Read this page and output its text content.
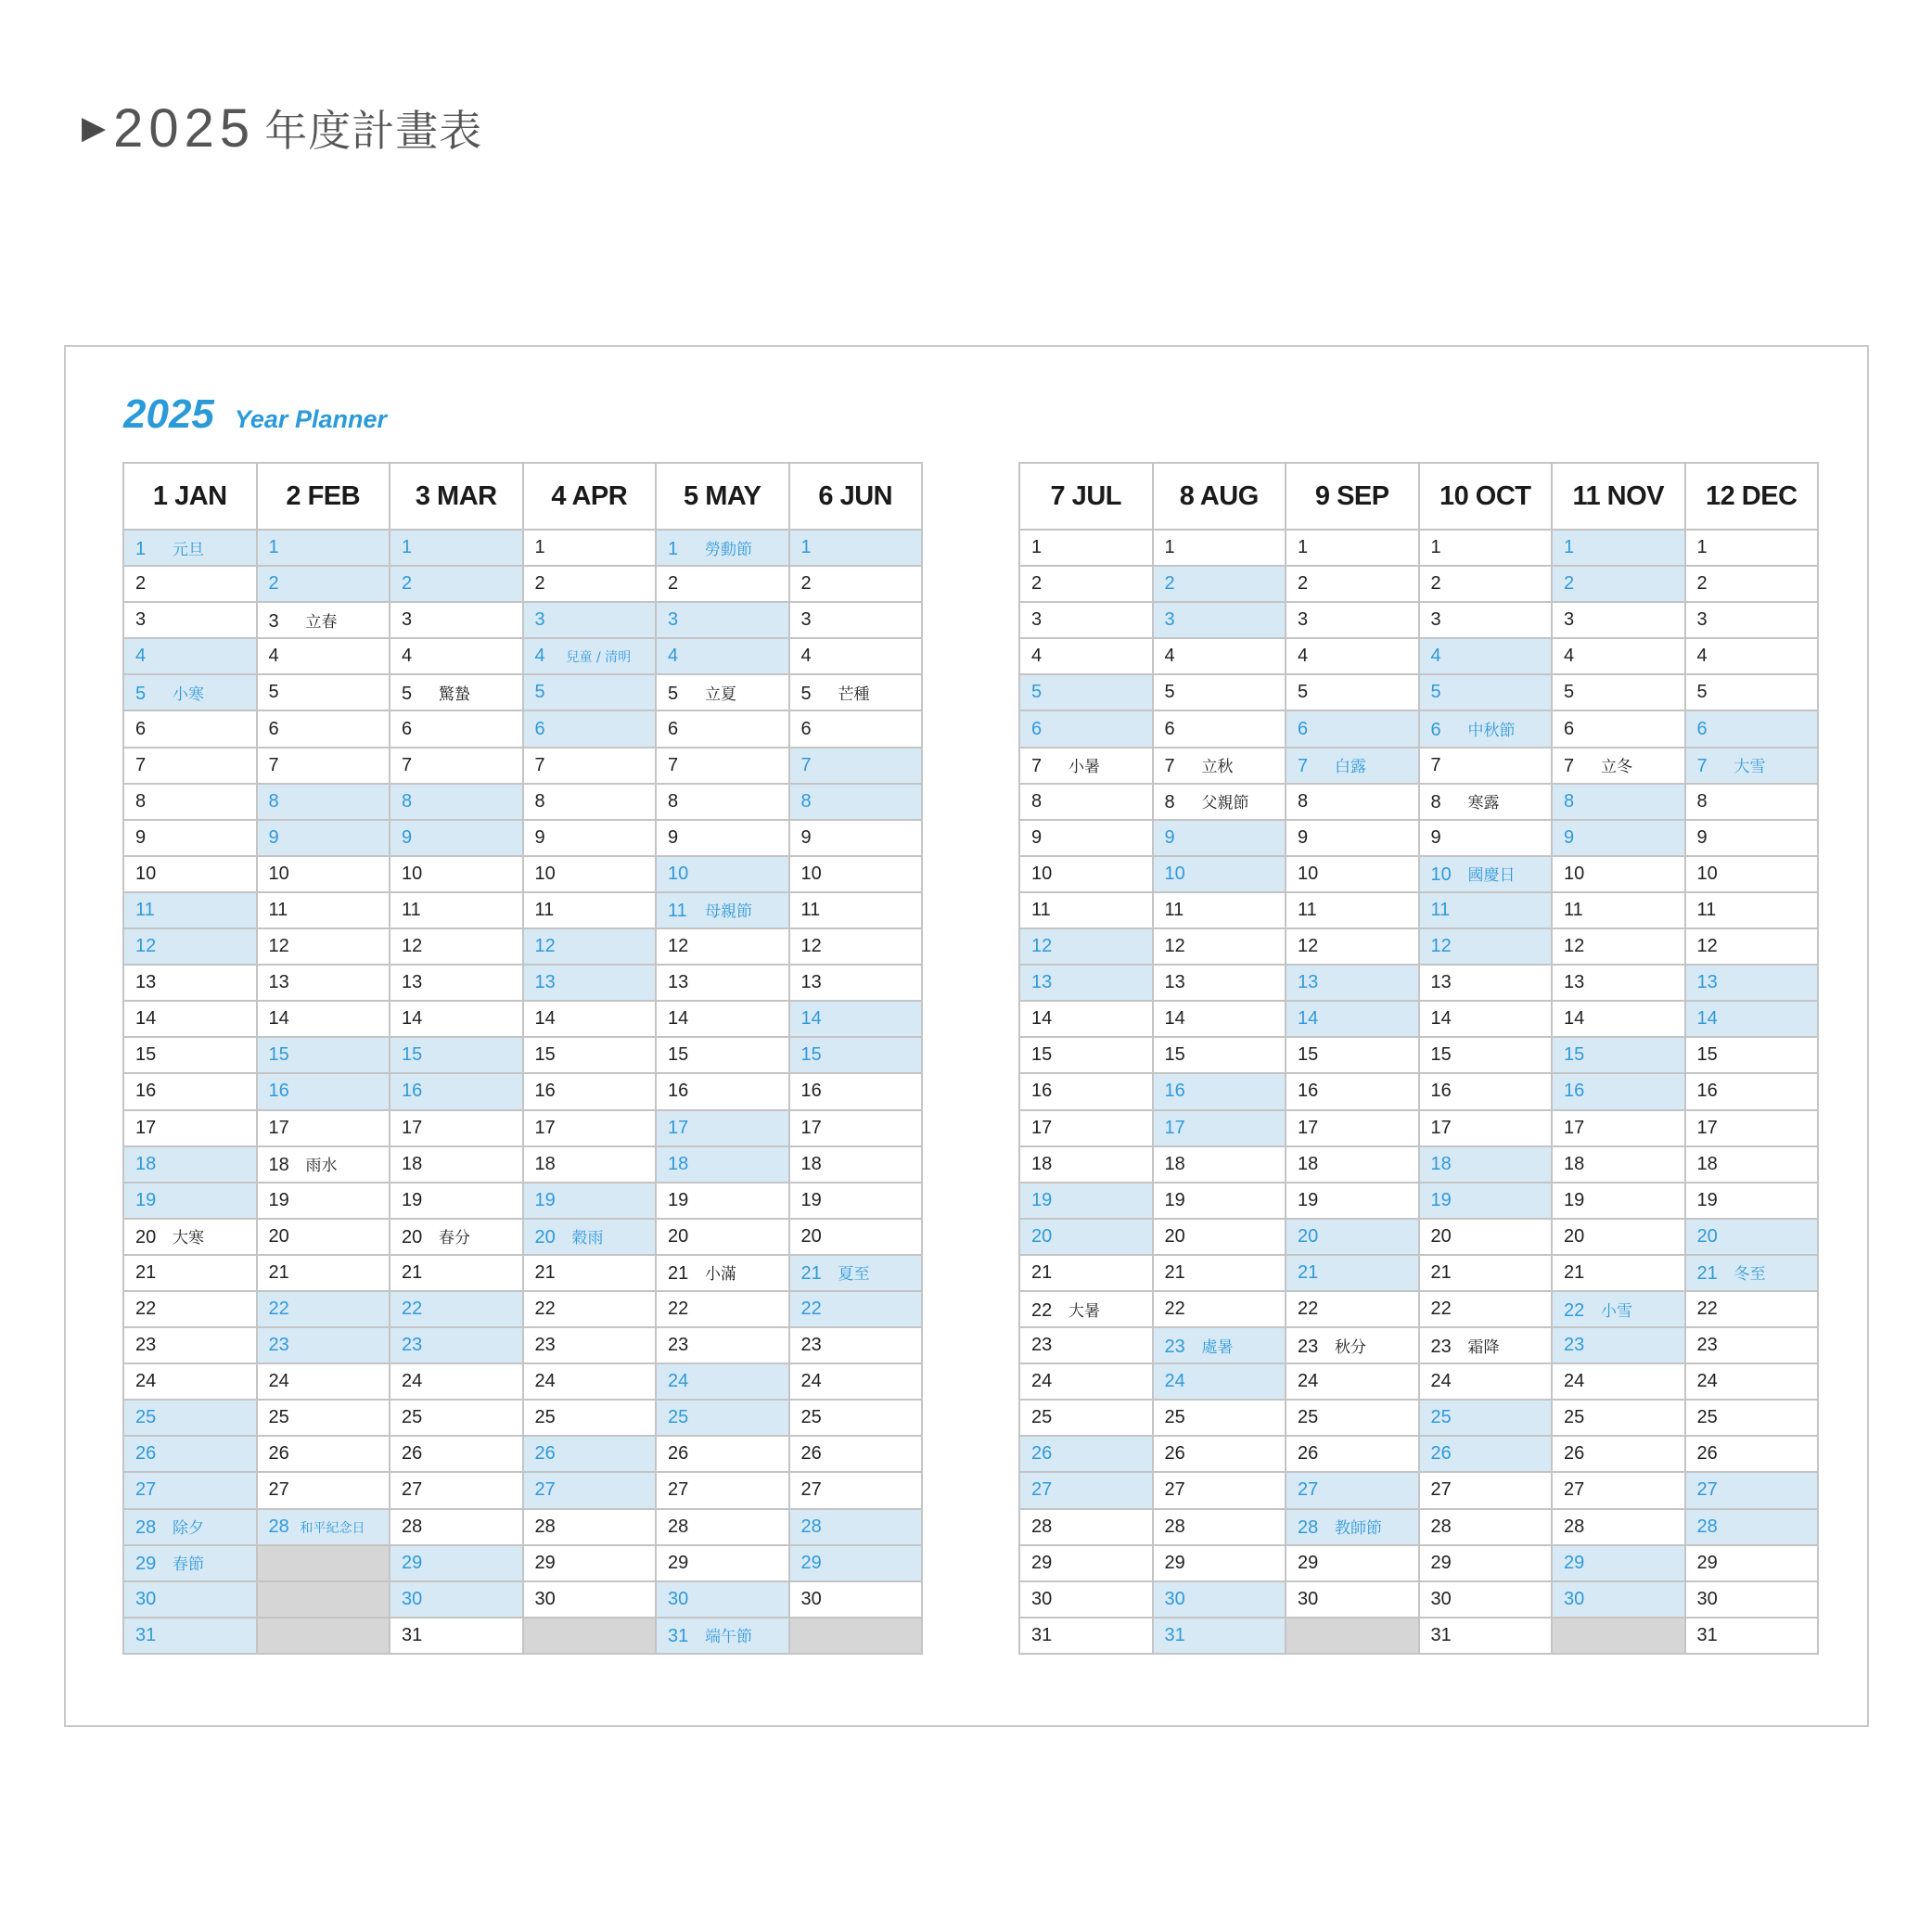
▶ 2025 年度計畫表
2025 Year Planner
1 JAN	2 FEB	3 MAR	4 APR	5 MAY	6 JUN
1 元旦	1	1	1	1 勞動節	1
2	2	2	2	2	2
3	3 立春	3	3	3	3
4	4	4	4 兒童 / 清明	4	4
5 小寒	5	5 驚蟄	5	5 立夏	5 芒種
6	6	6	6	6	6
7	7	7	7	7	7
8	8	8	8	8	8
9	9	9	9	9	9
10	10	10	10	10	10
11	11	11	11	11 母親節	11
12	12	12	12	12	12
13	13	13	13	13	13
14	14	14	14	14	14
15	15	15	15	15	15
16	16	16	16	16	16
17	17	17	17	17	17
18	18 雨水	18	18	18	18
19	19	19	19	19	19
20 大寒	20	20 春分	20 穀雨	20	20
21	21	21	21	21 小滿	21 夏至
22	22	22	22	22	22
23	23	23	23	23	23
24	24	24	24	24	24
25	25	25	25	25	25
26	26	26	26	26	26
27	27	27	27	27	27
28 除夕	28 和平紀念日	28	28	28	28
29 春節		29	29	29	29
30		30	30	30	30
31		31		31 端午節	
7 JUL	8 AUG	9 SEP	10 OCT	11 NOV	12 DEC
1	1	1	1	1	1
2	2	2	2	2	2
3	3	3	3	3	3
4	4	4	4	4	4
5	5	5	5	5	5
6	6	6	6 中秋節	6	6
7 小暑	7 立秋	7 白露	7	7 立冬	7 大雪
8	8 父親節	8	8 寒露	8	8
9	9	9	9	9	9
10	10	10	10 國慶日	10	10
11	11	11	11	11	11
12	12	12	12	12	12
13	13	13	13	13	13
14	14	14	14	14	14
15	15	15	15	15	15
16	16	16	16	16	16
17	17	17	17	17	17
18	18	18	18	18	18
19	19	19	19	19	19
20	20	20	20	20	20
21	21	21	21	21	21 冬至
22 大暑	22	22	22	22 小雪	22
23	23 處暑	23 秋分	23 霜降	23	23
24	24	24	24	24	24
25	25	25	25	25	25
26	26	26	26	26	26
27	27	27	27	27	27
28	28	28 教師節	28	28	28
29	29	29	29	29	29
30	30	30	30	30	30
31	31		31		31
